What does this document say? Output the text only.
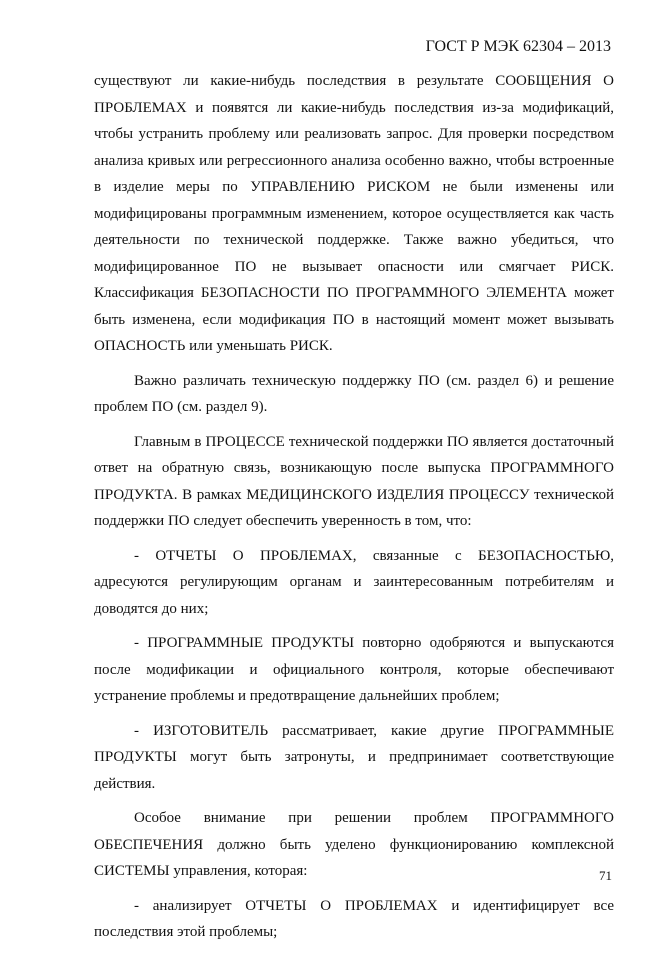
ГОСТ Р МЭК 62304 – 2013

существуют ли какие-нибудь последствия в результате СООБЩЕНИЯ О ПРОБЛЕМАХ и появятся ли какие-нибудь последствия из-за модификаций, чтобы устранить проблему или реализовать запрос. Для проверки посредством анализа кривых или регрессионного анализа особенно важно, чтобы встроенные в изделие меры по УПРАВЛЕНИЮ РИСКОМ не были изменены или модифицированы программным изменением, которое осуществляется как часть деятельности по технической поддержке. Также важно убедиться, что модифицированное ПО не вызывает опасности или смягчает РИСК. Классификация БЕЗОПАСНОСТИ ПО ПРОГРАММНОГО ЭЛЕМЕНТА может быть изменена, если модификация ПО в настоящий момент может вызывать ОПАСНОСТЬ или уменьшать РИСК.

Важно различать техническую поддержку ПО (см. раздел 6) и решение проблем ПО (см. раздел 9).

Главным в ПРОЦЕССЕ технической поддержки ПО является достаточный ответ на обратную связь, возникающую после выпуска ПРОГРАММНОГО ПРОДУКТА. В рамках МЕДИЦИНСКОГО ИЗДЕЛИЯ ПРОЦЕССУ технической поддержки ПО следует обеспечить уверенность в том, что:

- ОТЧЕТЫ О ПРОБЛЕМАХ, связанные с БЕЗОПАСНОСТЬЮ, адресуются регулирующим органам и заинтересованным потребителям и доводятся до них;

- ПРОГРАММНЫЕ ПРОДУКТЫ повторно одобряются и выпускаются после модификации и официального контроля, которые обеспечивают устранение проблемы и предотвращение дальнейших проблем;

- ИЗГОТОВИТЕЛЬ рассматривает, какие другие ПРОГРАММНЫЕ ПРОДУКТЫ могут быть затронуты, и предпринимает соответствующие действия.

Особое внимание при решении проблем ПРОГРАММНОГО ОБЕСПЕЧЕНИЯ должно быть уделено функционированию комплексной СИСТЕМЫ управления, которая:

- анализирует ОТЧЕТЫ О ПРОБЛЕМАХ и идентифицирует все последствия этой проблемы;

71
